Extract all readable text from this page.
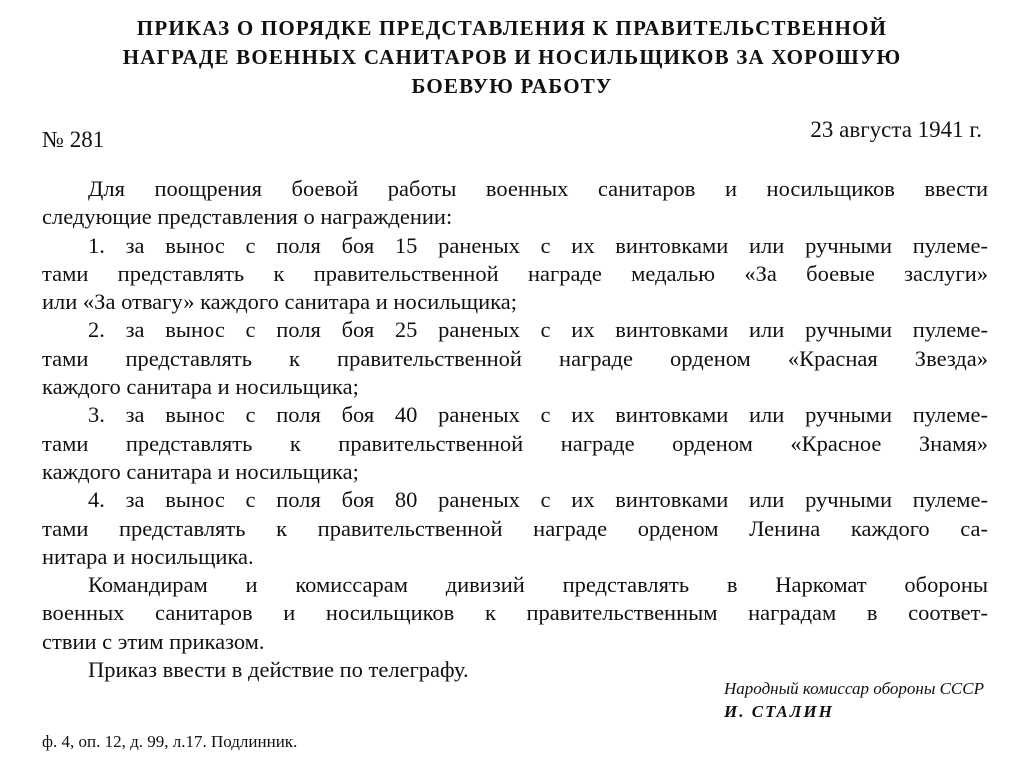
ПРИКАЗ О ПОРЯДКЕ ПРЕДСТАВЛЕНИЯ К ПРАВИТЕЛЬСТВЕННОЙ
НАГРАДЕ ВОЕННЫХ САНИТАРОВ И НОСИЛЬЩИКОВ ЗА ХОРОШУЮ
БОЕВУЮ РАБОТУ
№ 281	23 августа 1941 г.
Для поощрения боевой работы военных санитаров и носильщиков ввести
следующие представления о награждении:
1. за вынос с поля боя 15 раненых с их винтовками или ручными пулеме-
тами представлять к правительственной награде медалью «За боевые заслуги»
или «За отвагу» каждого санитара и носильщика;
2. за вынос с поля боя 25 раненых с их винтовками или ручными пулеме-
тами представлять к правительственной награде орденом «Красная Звезда»
каждого санитара и носильщика;
3. за вынос с поля боя 40 раненых с их винтовками или ручными пулеме-
тами представлять к правительственной награде орденом «Красное Знамя»
каждого санитара и носильщика;
4. за вынос с поля боя 80 раненых с их винтовками или ручными пулеме-
тами представлять к правительственной награде орденом Ленина каждого са-
нитара и носильщика.
Командирам и комиссарам дивизий представлять в Наркомат обороны
военных санитаров и носильщиков к правительственным наградам в соответ-
ствии с этим приказом.
Приказ ввести в действие по телеграфу.
Народный комиссар обороны СССР
И. СТАЛИН
ф. 4, оп. 12, д. 99, л.17. Подлинник.
